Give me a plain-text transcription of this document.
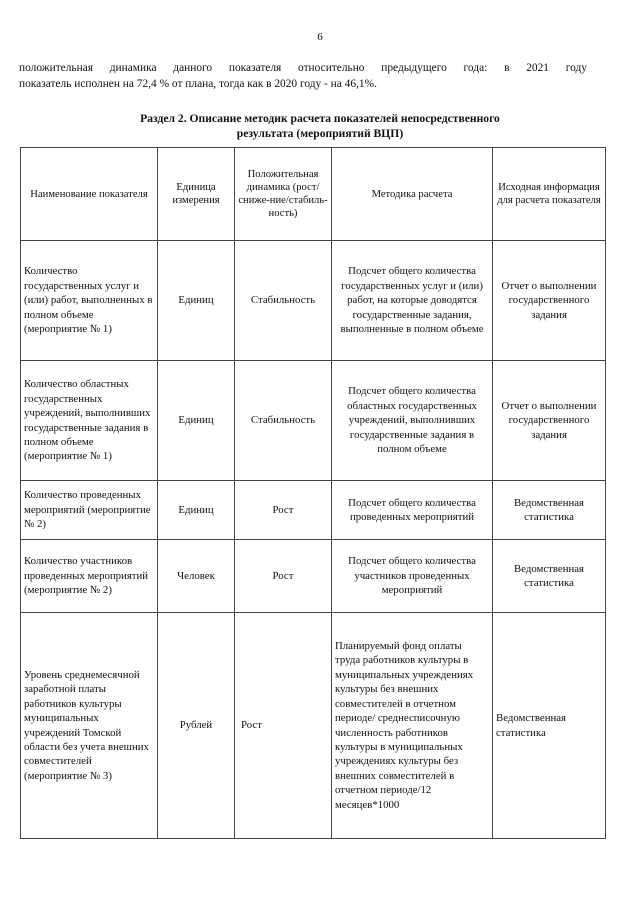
6
положительная динамика данного показателя относительно предыдущего года: в 2021 году
показатель исполнен на 72,4 % от плана, тогда как в 2020 году - на 46,1%.
Раздел 2. Описание методик расчета показателей непосредственного
результата (мероприятий ВЦП)
Наименование показателя	Единица измерения	Положительная динамика (рост/сниже-ние/стабиль-ность)	Методика расчета	Исходная информация для расчета показателя
Количество государственных услуг и (или) работ, выполненных в полном объеме (мероприятие № 1)	Единиц	Стабильность	Подсчет общего количества государственных услуг и (или) работ, на которые доводятся государственные задания, выполненные в полном объеме	Отчет о выполнении государственного задания
Количество областных государственных учреждений, выполнивших государственные задания в полном объеме (мероприятие № 1)	Единиц	Стабильность	Подсчет общего количества областных государственных учреждений, выполнивших государственные задания в полном объеме	Отчет о выполнении государственного задания
Количество проведенных мероприятий (мероприятие № 2)	Единиц	Рост	Подсчет общего количества проведенных мероприятий	Ведомственная статистика
Количество участников проведенных мероприятий (мероприятие № 2)	Человек	Рост	Подсчет общего количества участников проведенных мероприятий	Ведомственная статистика
Уровень среднемесячной заработной платы работников культуры муниципальных учреждений Томской области без учета внешних совместителей (мероприятие № 3)	Рублей	Рост	Планируемый фонд оплаты труда работников культуры в муниципальных учреждениях культуры без внешних совместителей в отчетном периоде/ среднесписочную численность работников культуры в муниципальных учреждениях культуры без внешних совместителей в отчетном периоде/12 месяцев*1000	Ведомственная статистика
